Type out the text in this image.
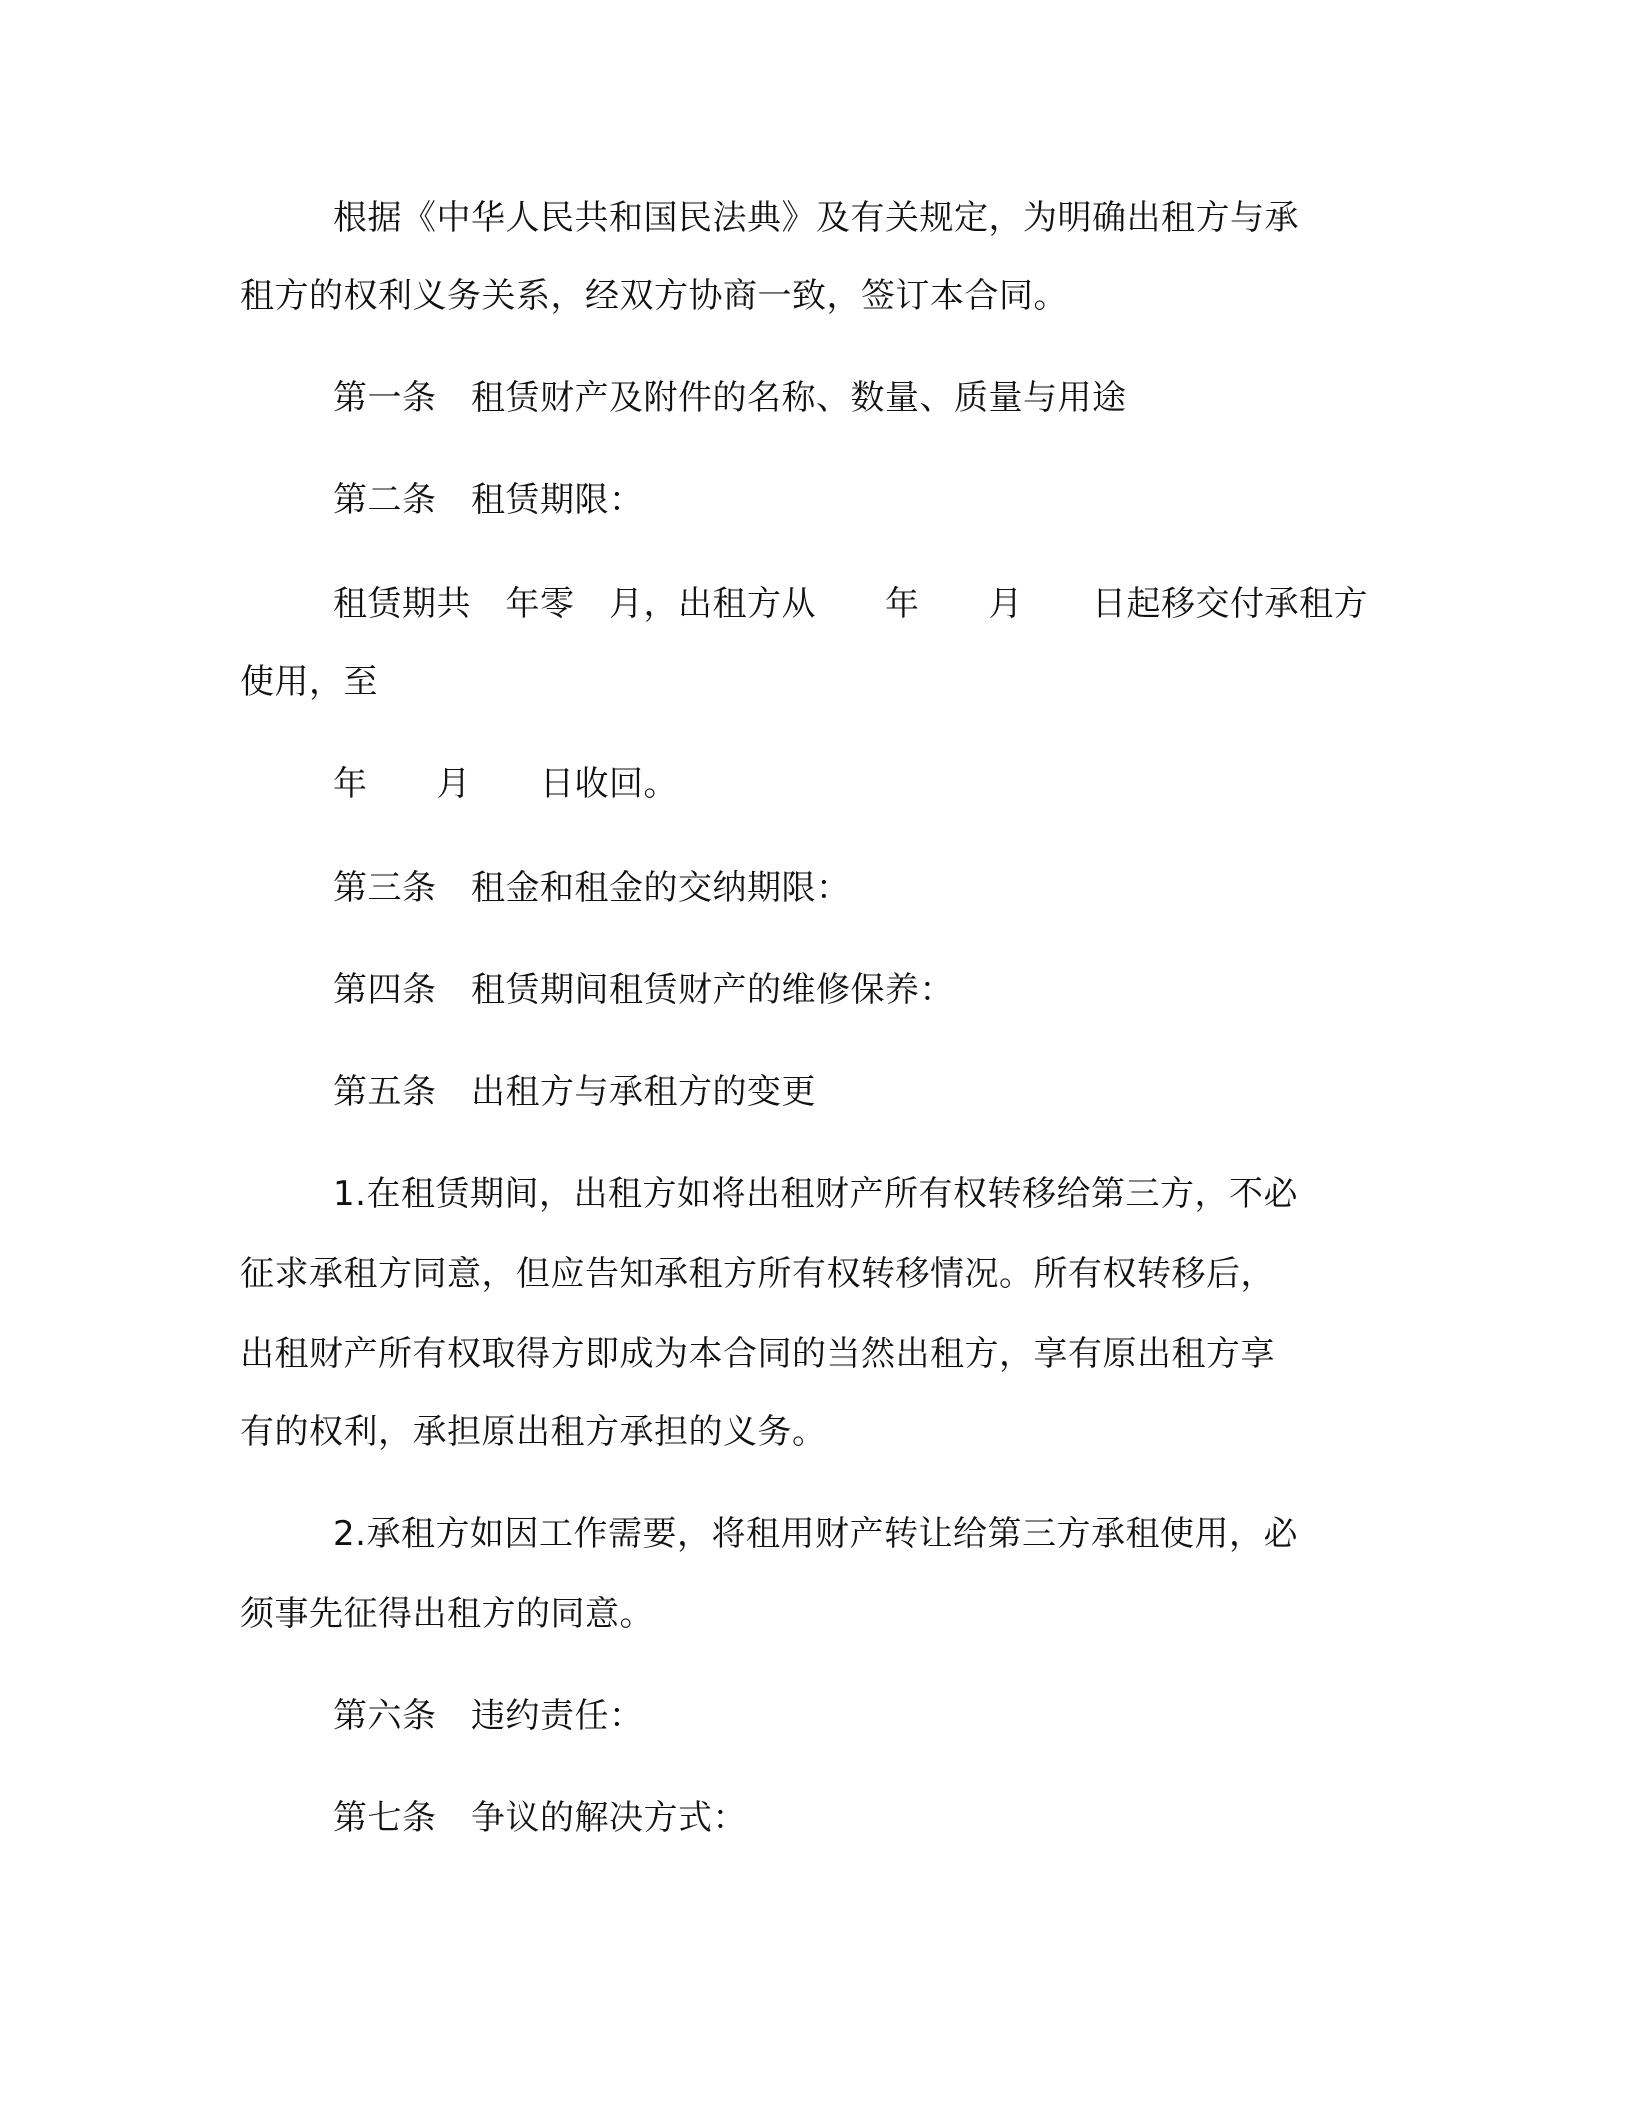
根据《中华人民共和国民法典》及有关规定，为明确出租方与承
租方的权利义务关系，经双方协商一致，签订本合同。
第一条　租赁财产及附件的名称、数量、质量与用途
第二条　租赁期限：
租赁期共　年零　月，出租方从　　年　　月　　日起移交付承租方
使用，至
年　　月　　日收回。
第三条　租金和租金的交纳期限：
第四条　租赁期间租赁财产的维修保养：
第五条　出租方与承租方的变更
1.在租赁期间，出租方如将出租财产所有权转移给第三方，不必
征求承租方同意，但应告知承租方所有权转移情况。所有权转移后，
出租财产所有权取得方即成为本合同的当然出租方，享有原出租方享
有的权利，承担原出租方承担的义务。
2.承租方如因工作需要，将租用财产转让给第三方承租使用，必
须事先征得出租方的同意。
第六条　违约责任：
第七条　争议的解决方式：
